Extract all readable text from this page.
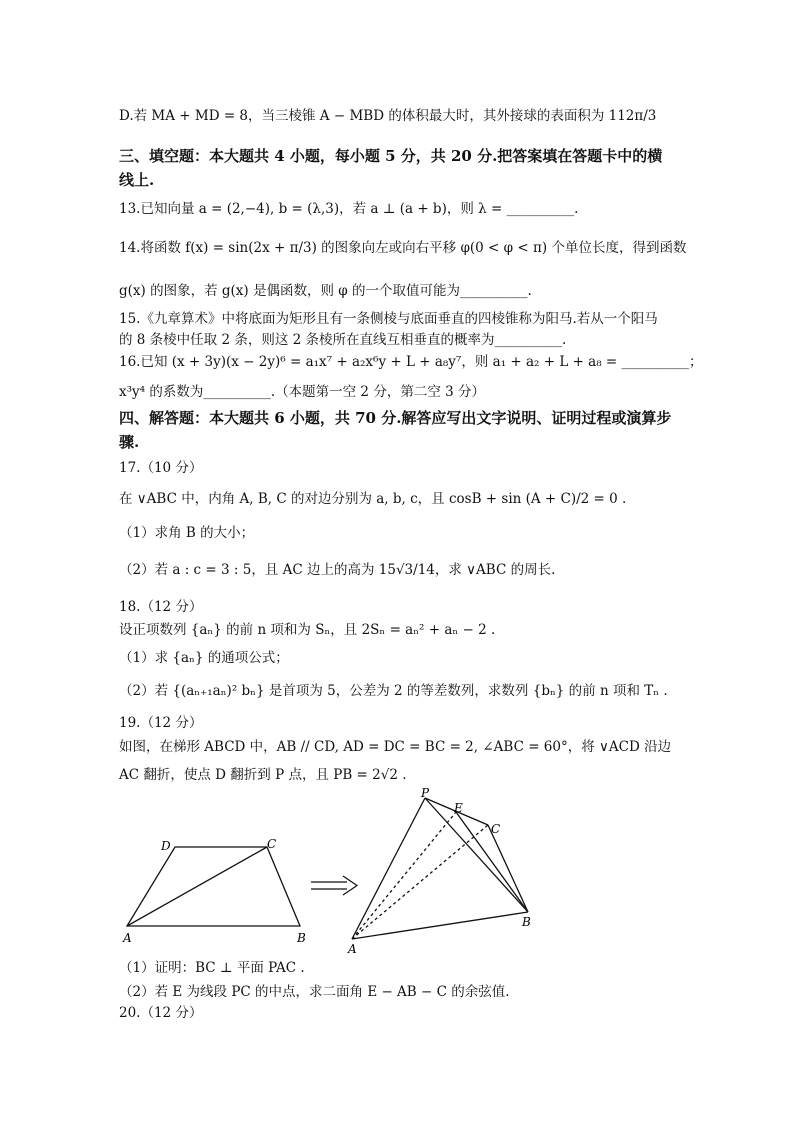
D.若 MA + MD = 8，当三棱锥 A − MBD 的体积最大时，其外接球的表面积为 112π/3
三、填空题：本大题共 4 小题，每小题 5 分，共 20 分.把答案填在答题卡中的横
线上.
13.已知向量 a = (2,−4), b = (λ,3)，若 a ⊥ (a + b)，则 λ = __________.
14.将函数 f(x) = sin(2x + π/3) 的图象向左或向右平移 φ(0 < φ < π) 个单位长度，得到函数
g(x) 的图象，若 g(x) 是偶函数，则 φ 的一个取值可能为__________.
15.《九章算术》中将底面为矩形且有一条侧棱与底面垂直的四棱锥称为阳马.若从一个阳马
的 8 条棱中任取 2 条，则这 2 条棱所在直线互相垂直的概率为__________.
16.已知 (x + 3y)(x − 2y)⁶ = a₁x⁷ + a₂x⁶y + L + a₈y⁷，则 a₁ + a₂ + L + a₈ = __________；
x³y⁴ 的系数为__________.（本题第一空 2 分，第二空 3 分）
四、解答题：本大题共 6 小题，共 70 分.解答应写出文字说明、证明过程或演算步
骤.
17.（10 分）
在 ∨ABC 中，内角 A, B, C 的对边分别为 a, b, c，且 cosB + sin (A + C)/2 = 0 .
（1）求角 B 的大小；
（2）若 a : c = 3 : 5，且 AC 边上的高为 15√3/14，求 ∨ABC 的周长.
18.（12 分）
设正项数列 {aₙ} 的前 n 项和为 Sₙ，且 2Sₙ = aₙ² + aₙ − 2 .
（1）求 {aₙ} 的通项公式；
（2）若 {(aₙ₊₁aₙ)² bₙ} 是首项为 5，公差为 2 的等差数列，求数列 {bₙ} 的前 n 项和 Tₙ .
19.（12 分）
如图，在梯形 ABCD 中，AB // CD, AD = DC = BC = 2, ∠ABC = 60°，将 ∨ACD 沿边
AC 翻折，使点 D 翻折到 P 点，且 PB = 2√2 .
D	C
A	B
P
E
C
A
B
（1）证明：BC ⊥ 平面 PAC .
（2）若 E 为线段 PC 的中点，求二面角 E − AB − C 的余弦值.
20.（12 分）
